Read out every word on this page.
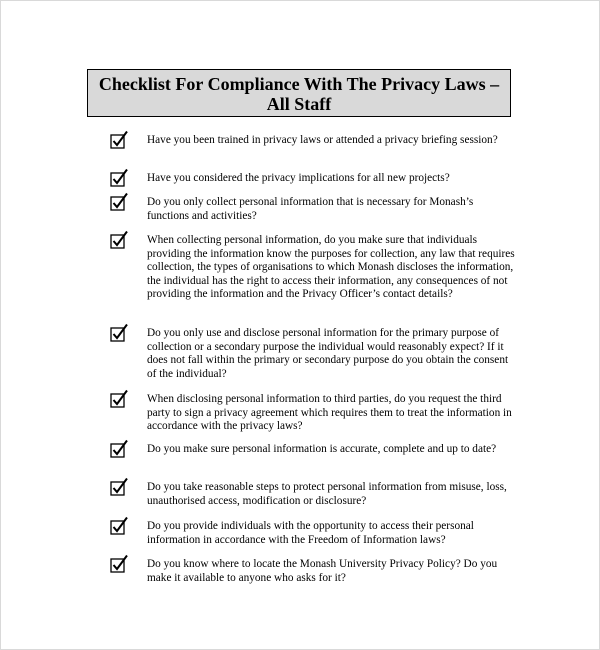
Checklist For Compliance With The Privacy Laws –
All Staff
Have you been trained in privacy laws or attended a privacy briefing session?
Have you considered the privacy implications for all new projects?
Do you only collect personal information that is necessary for Monash’s functions and activities?
When collecting personal information, do you make sure that individuals providing the information know the purposes for collection, any law that requires collection, the types of organisations to which Monash discloses the information, the individual has the right to access their information, any consequences of not providing the information and the Privacy Officer’s contact details?
Do you only use and disclose personal information for the primary purpose of collection or a secondary purpose the individual would reasonably expect? If it does not fall within the primary or secondary purpose do you obtain the consent of the individual?
When disclosing personal information to third parties, do you request the third party to sign a privacy agreement which requires them to treat the information in accordance with the privacy laws?
Do you make sure personal information is accurate, complete and up to date?
Do you take reasonable steps to protect personal information from misuse, loss, unauthorised access, modification or disclosure?
Do you provide individuals with the opportunity to access their personal information in accordance with the Freedom of Information laws?
Do you know where to locate the Monash University Privacy Policy? Do you make it available to anyone who asks for it?
